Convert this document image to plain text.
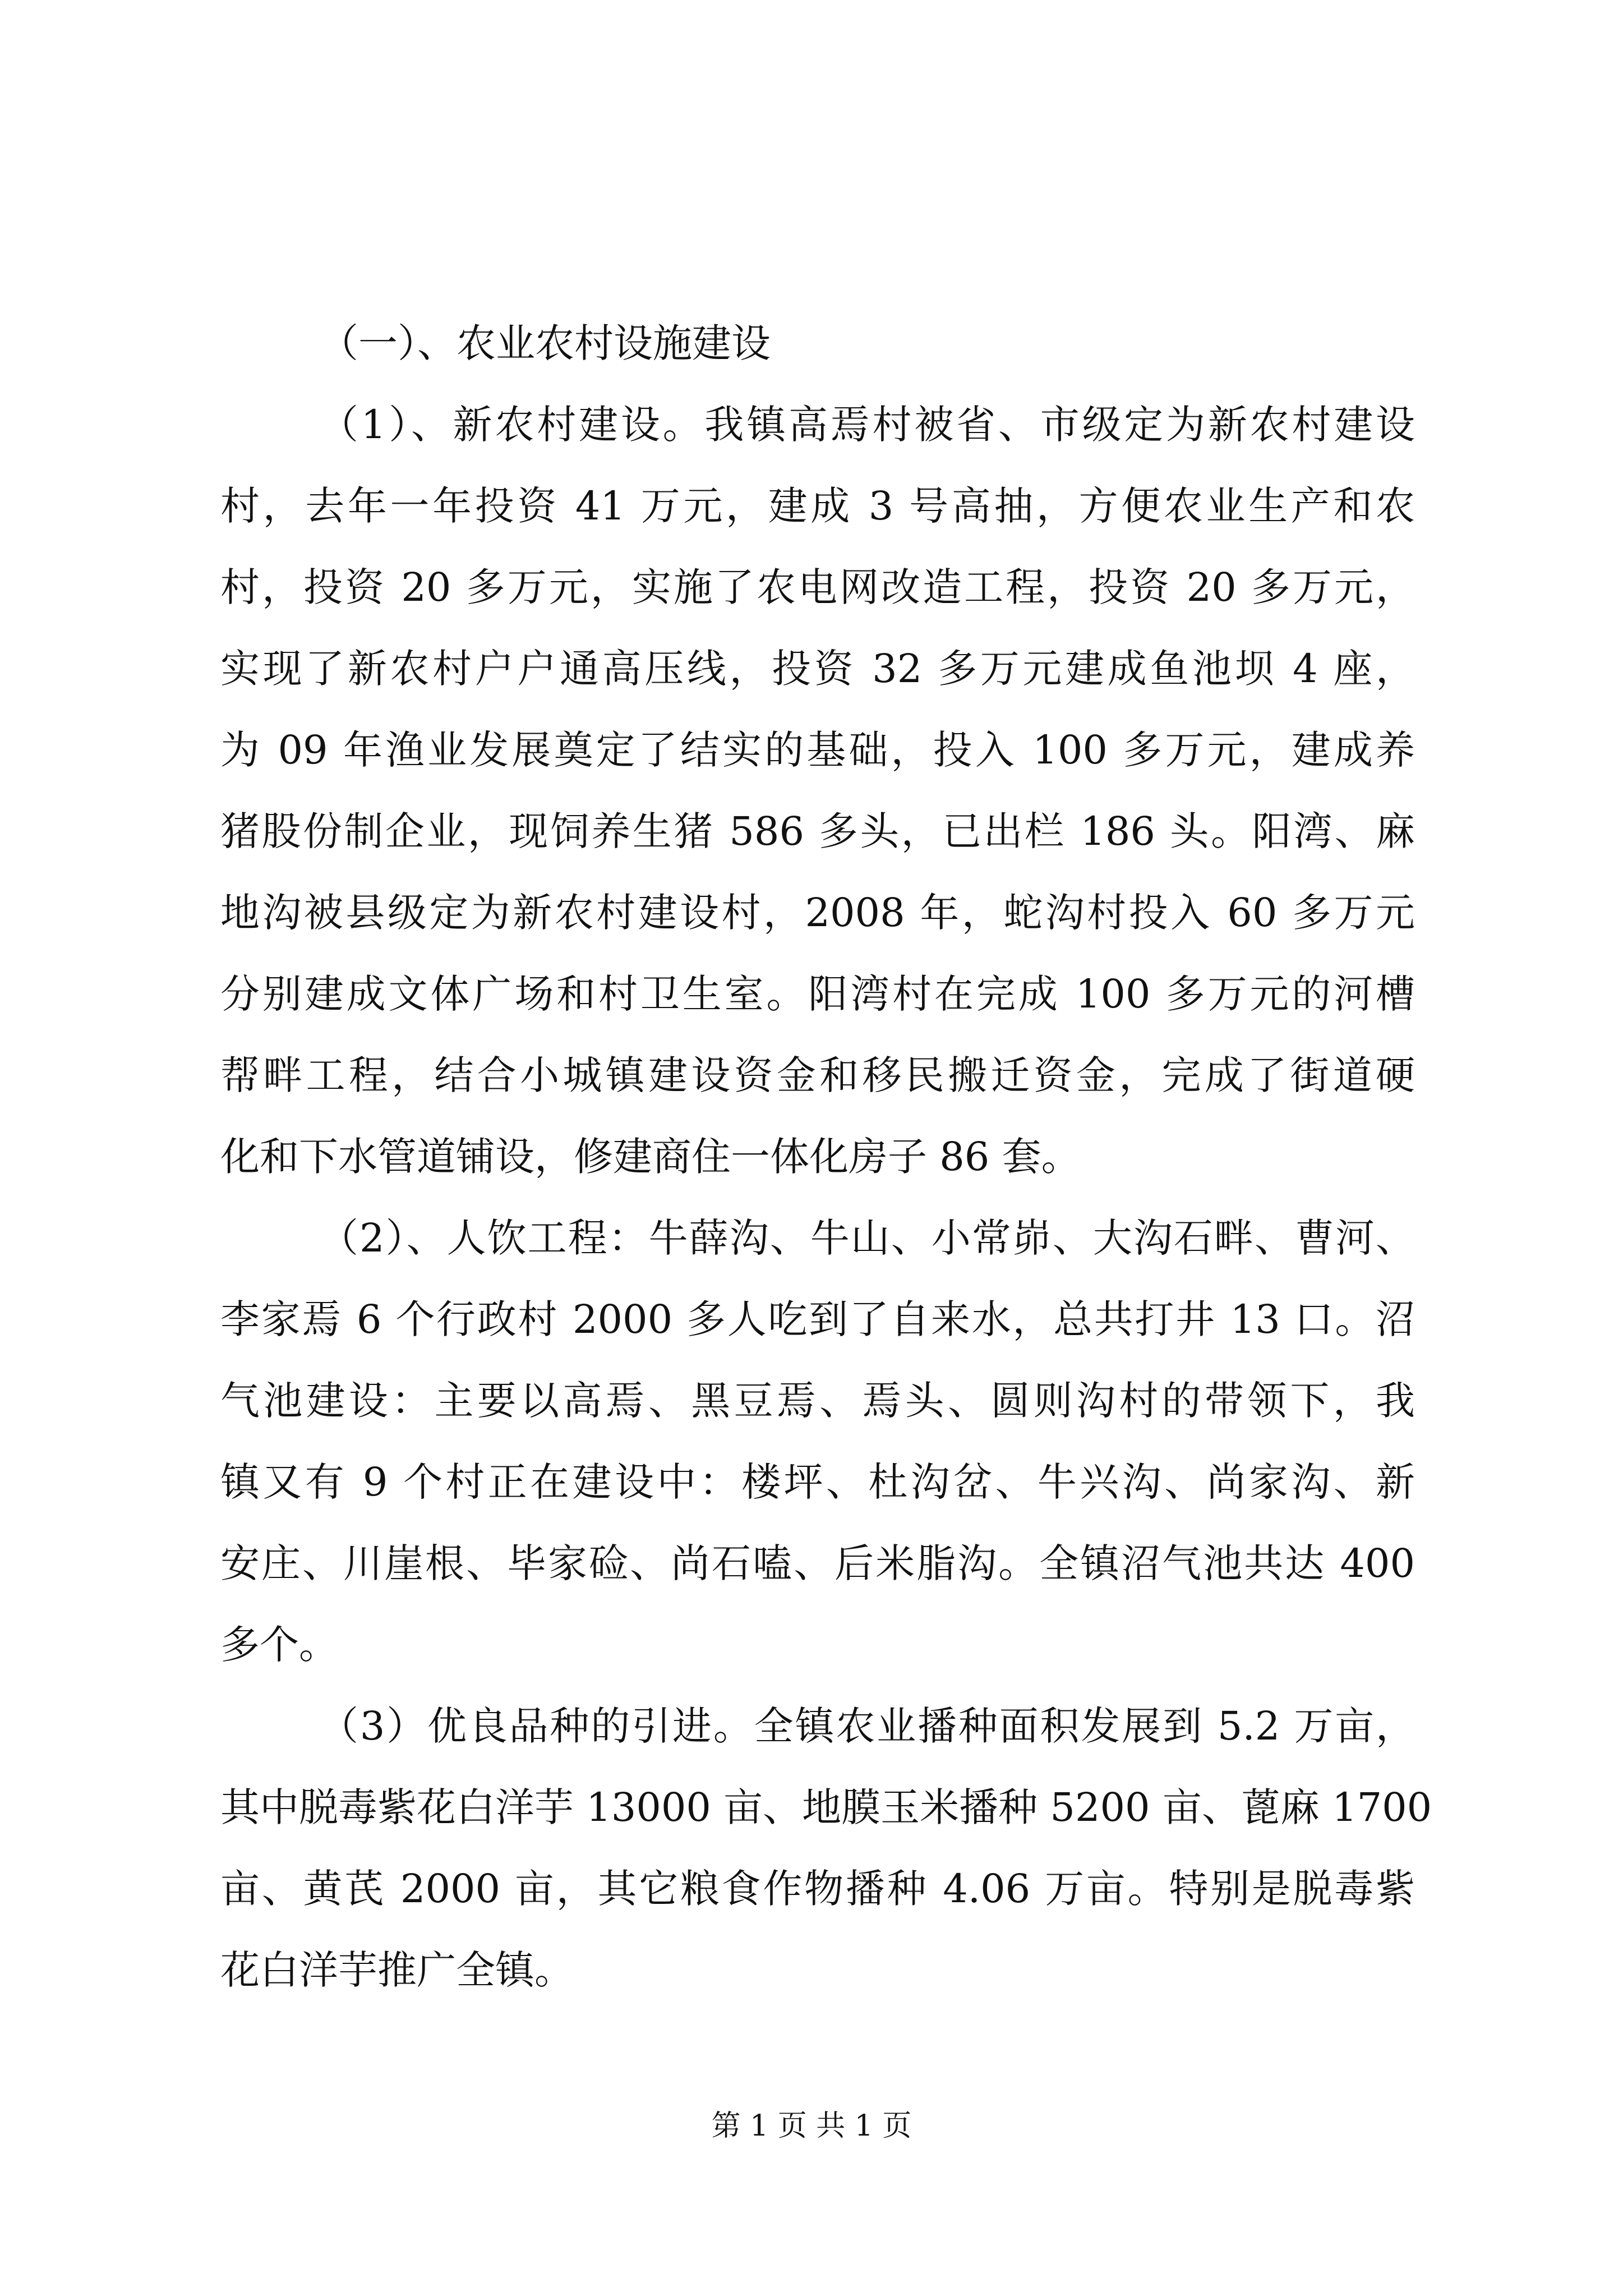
（一）、农业农村设施建设
（1）、新农村建设。我镇高焉村被省、市级定为新农村建设
村，去年一年投资 41 万元，建成 3 号高抽，方便农业生产和农
村，投资 20 多万元，实施了农电网改造工程，投资 20 多万元，
实现了新农村户户通高压线，投资 32 多万元建成鱼池坝 4 座，
为 09 年渔业发展奠定了结实的基础，投入 100 多万元，建成养
猪股份制企业，现饲养生猪 586 多头，已出栏 186 头。阳湾、麻
地沟被县级定为新农村建设村，2008 年，蛇沟村投入 60 多万元
分别建成文体广场和村卫生室。阳湾村在完成 100 多万元的河槽
帮畔工程，结合小城镇建设资金和移民搬迁资金，完成了街道硬
化和下水管道铺设，修建商住一体化房子 86 套。
（2）、人饮工程：牛薛沟、牛山、小常峁、大沟石畔、曹河、
李家焉 6 个行政村 2000 多人吃到了自来水，总共打井 13 口。沼
气池建设：主要以高焉、黑豆焉、焉头、圆则沟村的带领下，我
镇又有 9 个村正在建设中：楼坪、杜沟岔、牛兴沟、尚家沟、新
安庄、川崖根、毕家硷、尚石嗑、后米脂沟。全镇沼气池共达 400
多个。
（3）优良品种的引进。全镇农业播种面积发展到 5.2 万亩，
其中脱毒紫花白洋芋 13000 亩、地膜玉米播种 5200 亩、蓖麻 1700
亩、黄芪 2000 亩，其它粮食作物播种 4.06 万亩。特别是脱毒紫
花白洋芋推广全镇。
第 1 页 共 1 页
